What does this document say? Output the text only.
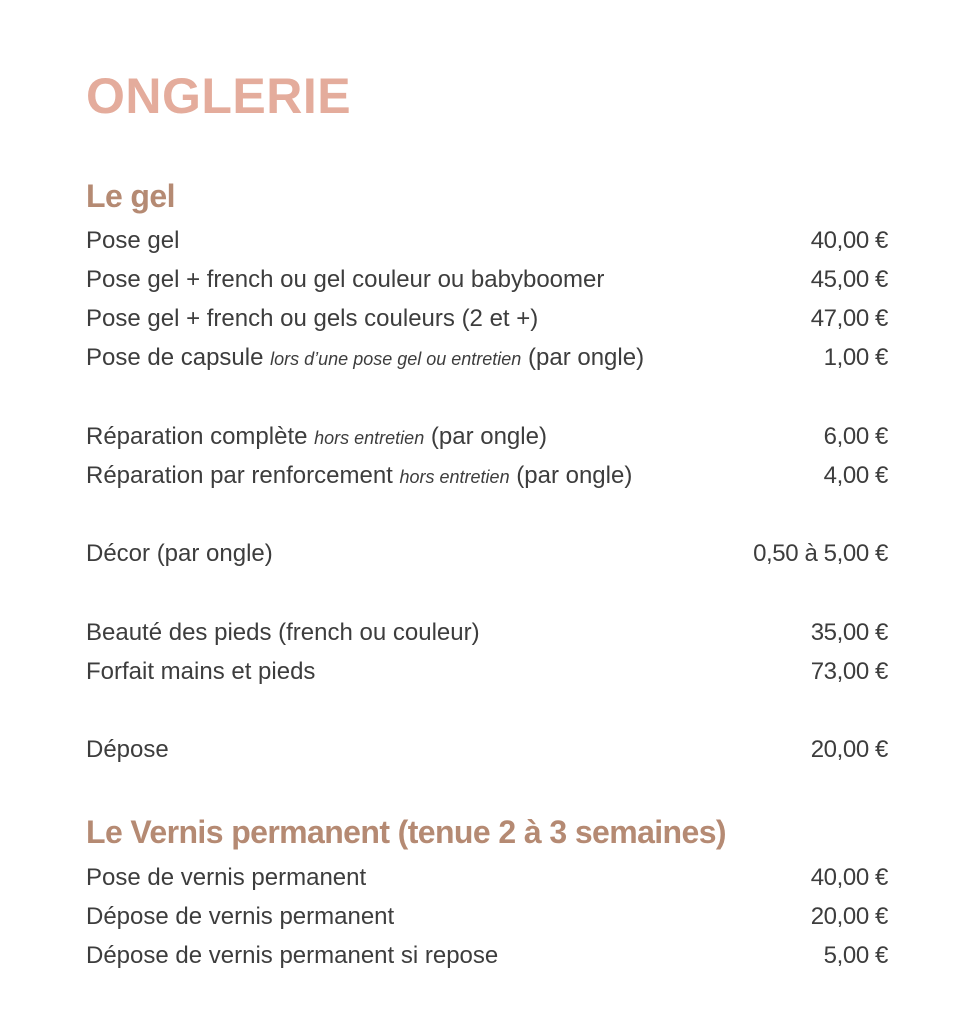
ONGLERIE
Le gel
Pose gel	40,00 €
Pose gel + french ou gel couleur ou babyboomer	45,00 €
Pose gel + french ou gels couleurs (2 et +)	47,00 €
Pose de capsule lors d’une pose gel ou entretien (par ongle)	1,00 €
Réparation complète hors entretien (par ongle)	6,00 €
Réparation par renforcement hors entretien (par ongle)	4,00 €
Décor (par ongle)	0,50 à 5,00 €
Beauté des pieds (french ou couleur)	35,00 €
Forfait mains et pieds	73,00 €
Dépose	20,00 €
Le Vernis permanent (tenue 2 à 3 semaines)
Pose de vernis permanent	40,00 €
Dépose de vernis permanent	20,00 €
Dépose de vernis permanent si repose	5,00 €
